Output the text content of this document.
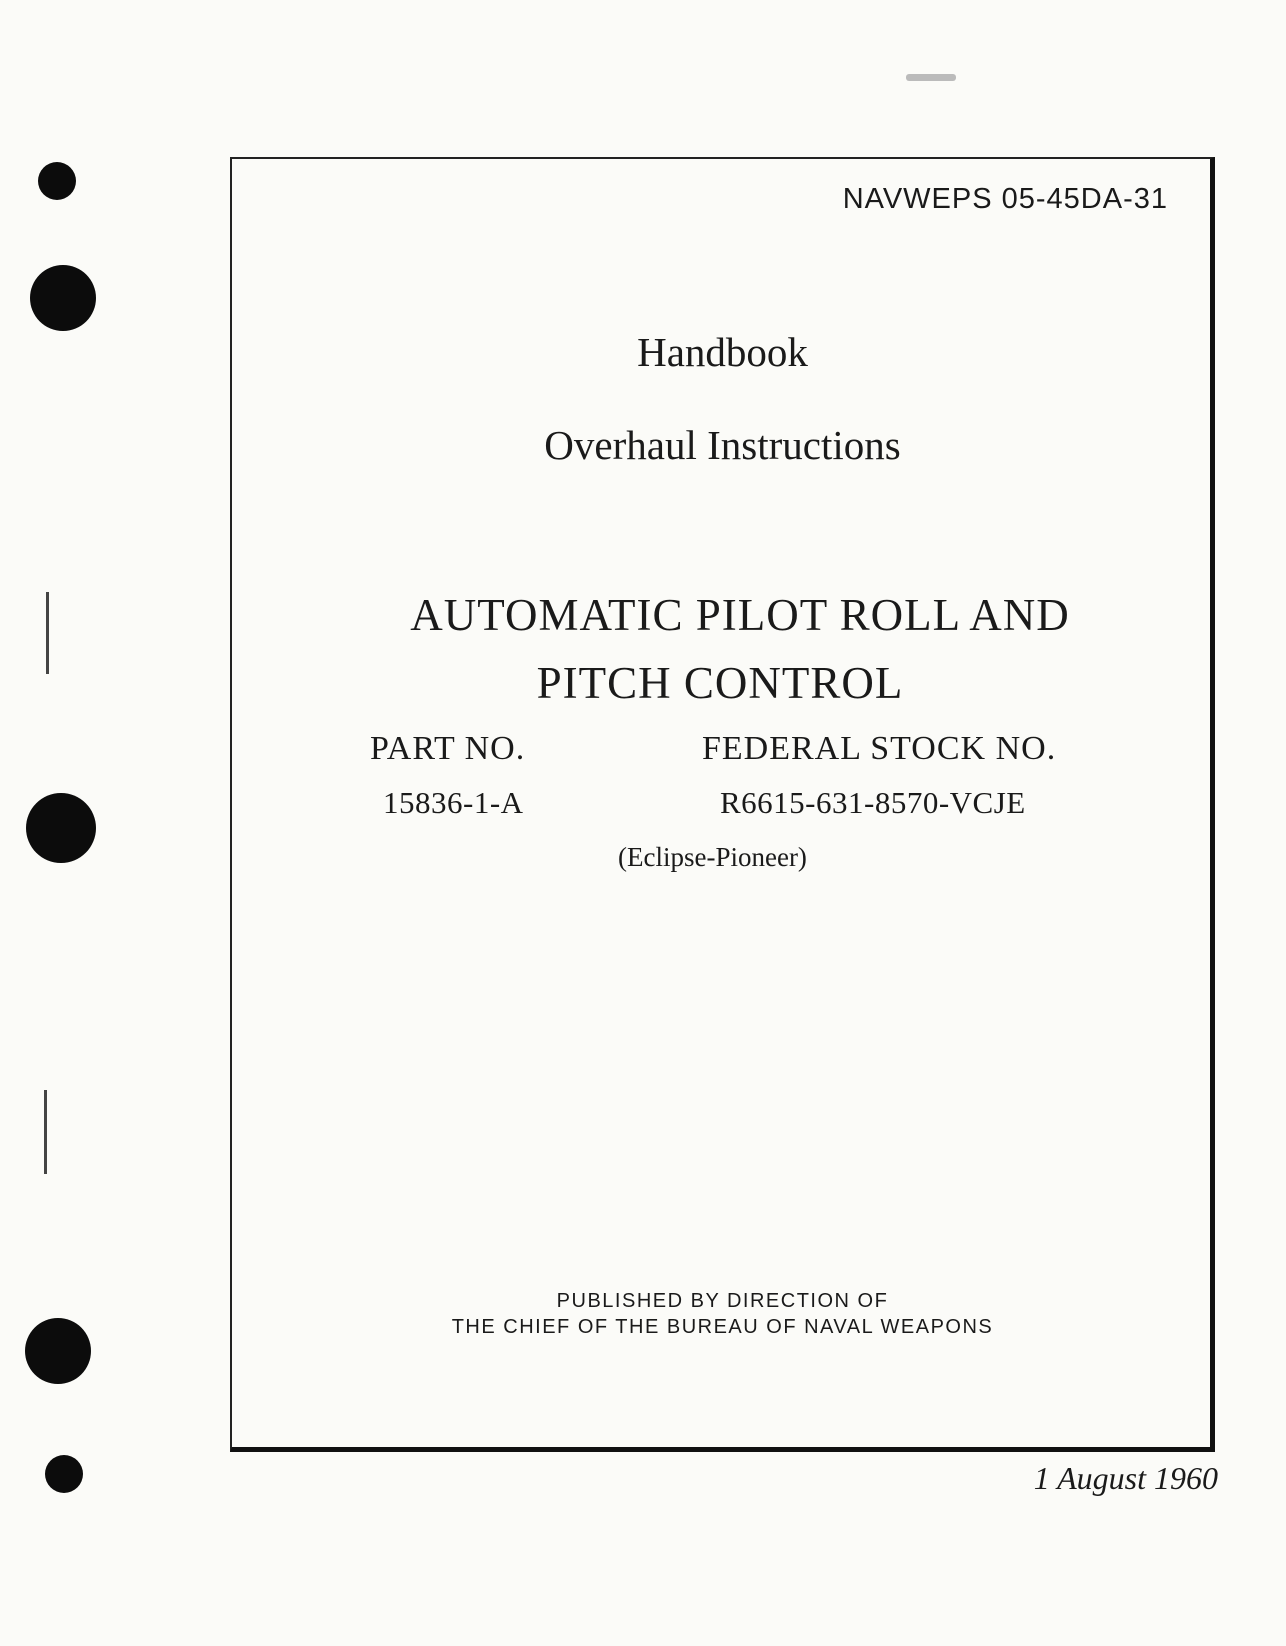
NAVWEPS 05-45DA-31
Handbook
Overhaul Instructions
AUTOMATIC PILOT ROLL AND
PITCH CONTROL
PART NO.	FEDERAL STOCK NO.
15836-1-A	R6615-631-8570-VCJE
(Eclipse-Pioneer)
PUBLISHED BY DIRECTION OF
THE CHIEF OF THE BUREAU OF NAVAL WEAPONS
1 August 1960
